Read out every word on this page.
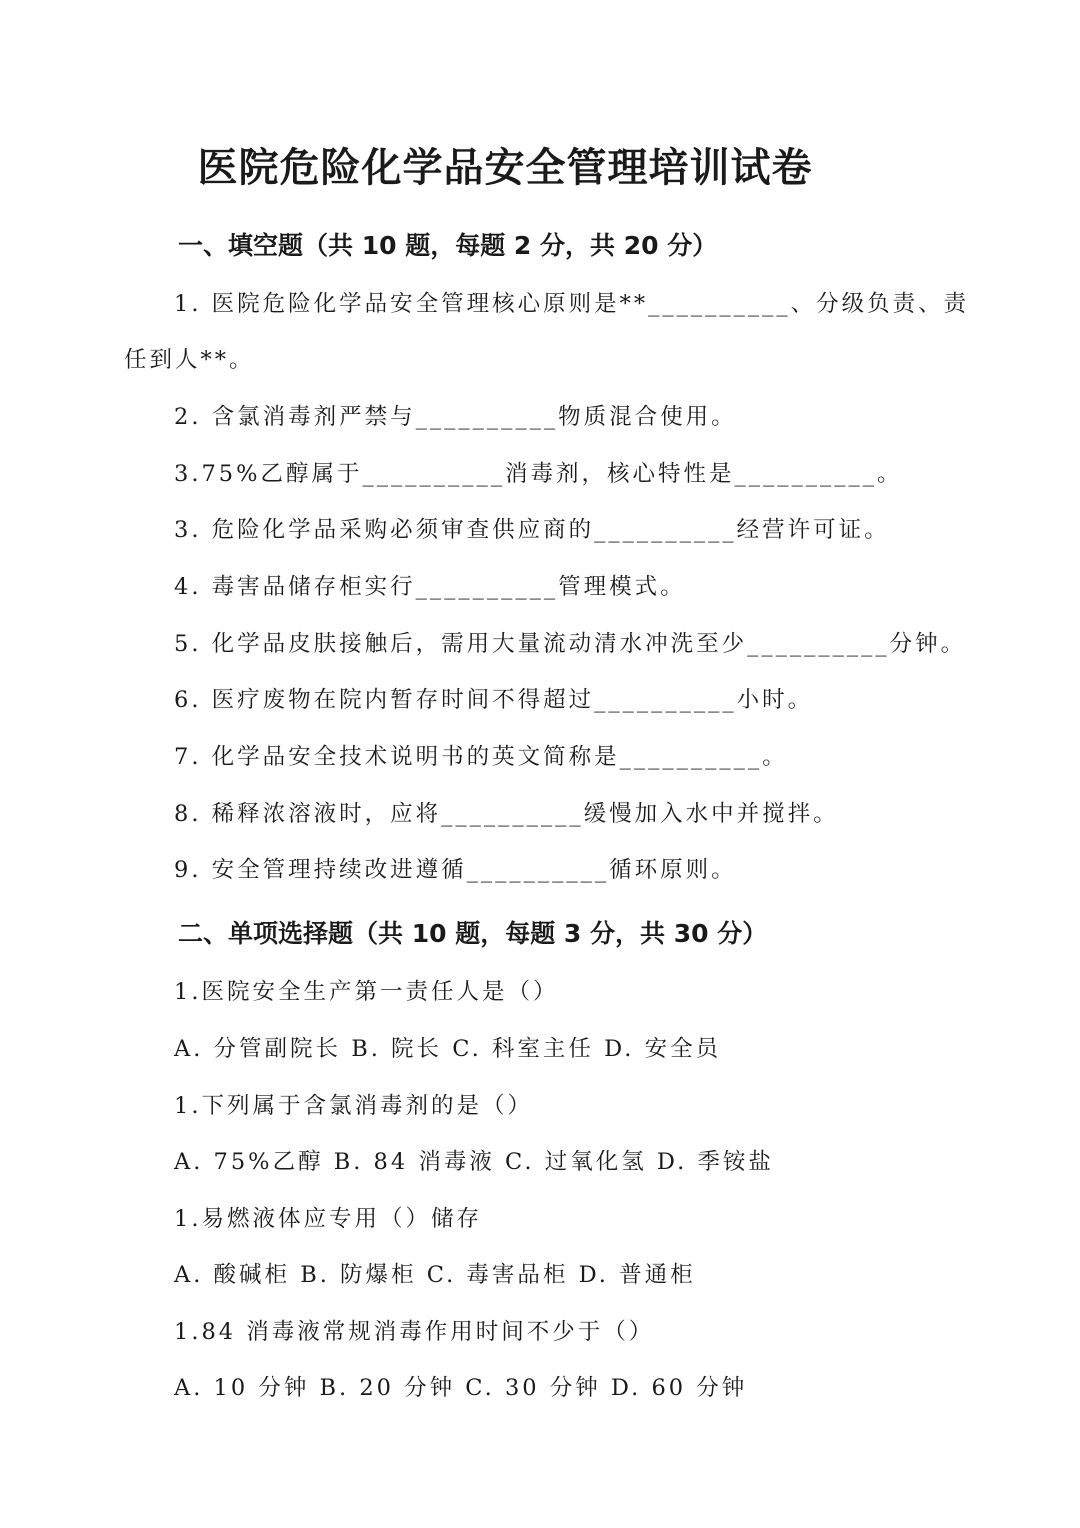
医院危险化学品安全管理培训试卷
一、填空题（共 10 题，每题 2 分，共 20 分）

1. 医院危险化学品安全管理核心原则是**__________、分级负责、责

任到人**。

2. 含氯消毒剂严禁与__________物质混合使用。

3.75%乙醇属于__________消毒剂，核心特性是__________。

3. 危险化学品采购必须审查供应商的__________经营许可证。

4. 毒害品储存柜实行__________管理模式。

5. 化学品皮肤接触后，需用大量流动清水冲洗至少__________分钟。

6. 医疗废物在院内暂存时间不得超过__________小时。

7. 化学品安全技术说明书的英文简称是__________。

8. 稀释浓溶液时，应将__________缓慢加入水中并搅拌。

9. 安全管理持续改进遵循__________循环原则。

二、单项选择题（共 10 题，每题 3 分，共 30 分）

1.医院安全生产第一责任人是（）

A. 分管副院长 B. 院长 C. 科室主任 D. 安全员

1.下列属于含氯消毒剂的是（）

A. 75%乙醇 B. 84 消毒液 C. 过氧化氢 D. 季铵盐

1.易燃液体应专用（）储存

A. 酸碱柜 B. 防爆柜 C. 毒害品柜 D. 普通柜

1.84 消毒液常规消毒作用时间不少于（）

A. 10 分钟 B. 20 分钟 C. 30 分钟 D. 60 分钟
